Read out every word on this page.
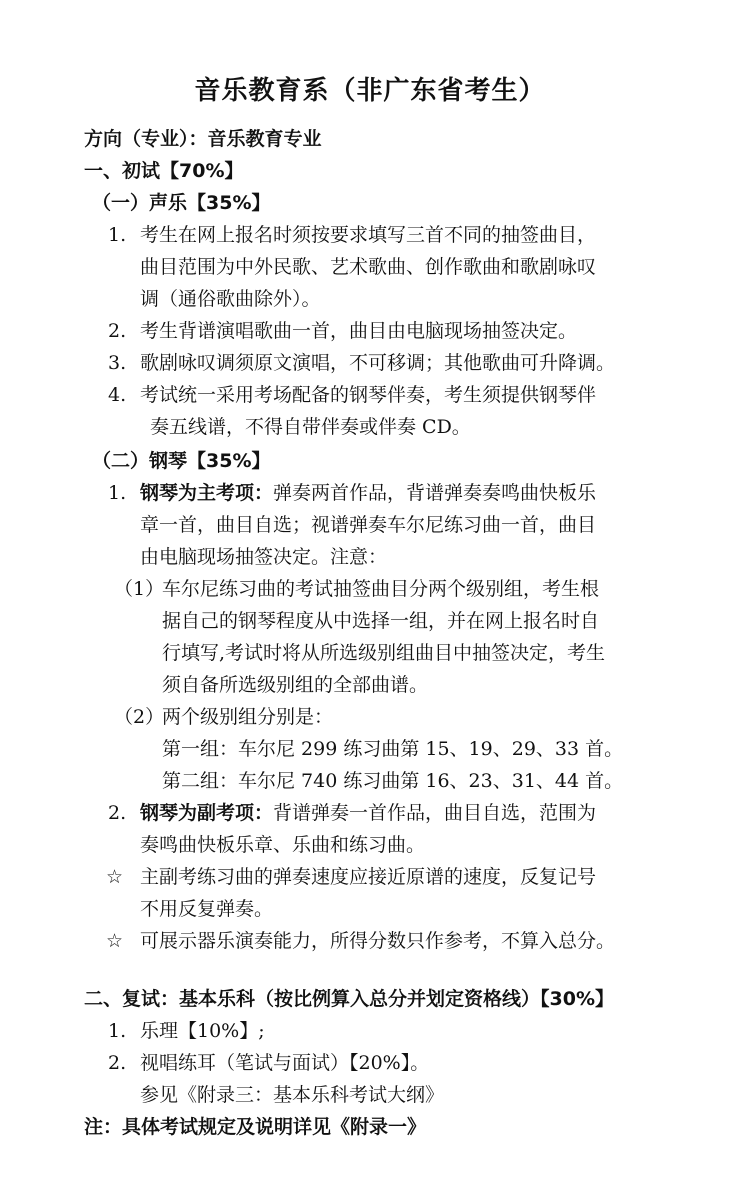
音乐教育系（非广东省考生）
方向（专业）：音乐教育专业
一、初试【70%】
（一）声乐【35%】
1. 考生在网上报名时须按要求填写三首不同的抽签曲目，
曲目范围为中外民歌、艺术歌曲、创作歌曲和歌剧咏叹
调（通俗歌曲除外）。
2. 考生背谱演唱歌曲一首，曲目由电脑现场抽签决定。
3. 歌剧咏叹调须原文演唱，不可移调；其他歌曲可升降调。
4. 考试统一采用考场配备的钢琴伴奏，考生须提供钢琴伴
奏五线谱，不得自带伴奏或伴奏 CD。
（二）钢琴【35%】
1. 钢琴为主考项：弹奏两首作品，背谱弹奏奏鸣曲快板乐
章一首，曲目自选；视谱弹奏车尔尼练习曲一首，曲目
由电脑现场抽签决定。注意：
（1）
车尔尼练习曲的考试抽签曲目分两个级别组，考生根
据自己的钢琴程度从中选择一组，并在网上报名时自
行填写,考试时将从所选级别组曲目中抽签决定，考生
须自备所选级别组的全部曲谱。
（2）
两个级别组分别是：
第一组：车尔尼 299 练习曲第 15、19、29、33 首。
第二组：车尔尼 740 练习曲第 16、23、31、44 首。
2. 钢琴为副考项：背谱弹奏一首作品，曲目自选，范围为
奏鸣曲快板乐章、乐曲和练习曲。
☆ 主副考练习曲的弹奏速度应接近原谱的速度，反复记号
不用反复弹奏。
☆ 可展示器乐演奏能力，所得分数只作参考，不算入总分。
二、复试：基本乐科（按比例算入总分并划定资格线）【30%】
1. 乐理【10%】;
2. 视唱练耳（笔试与面试）【20%】。
参见《附录三：基本乐科考试大纲》
注：具体考试规定及说明详见《附录一》
